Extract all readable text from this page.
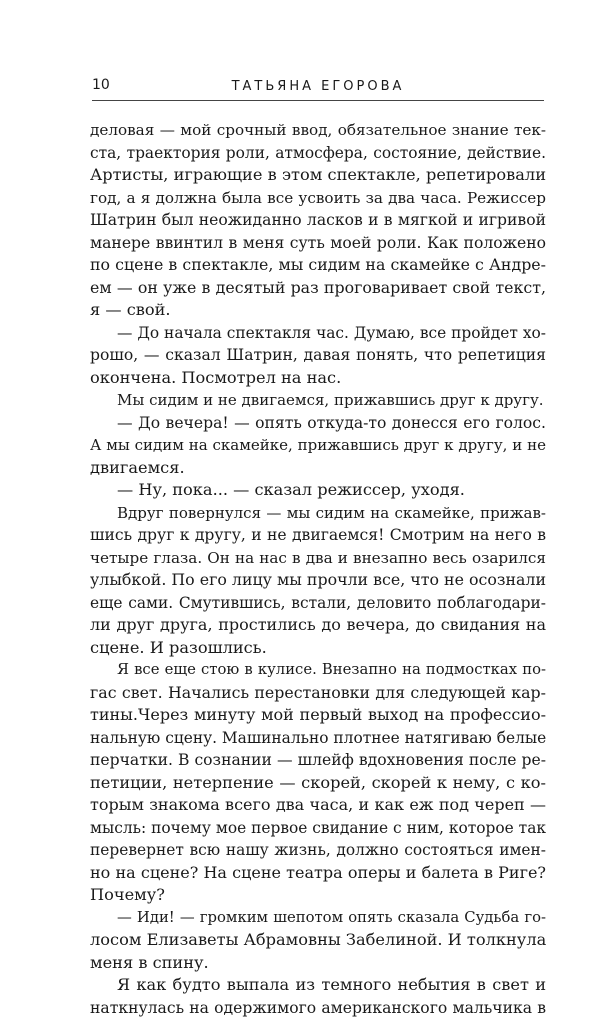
10	ТАТЬЯНА ЕГОРОВА
деловая — мой срочный ввод, обязательное знание тек-
ста, траектория роли, атмосфера, состояние, действие.
Артисты, играющие в этом спектакле, репетировали
год, а я должна была все усвоить за два часа. Режиссер
Шатрин был неожиданно ласков и в мягкой и игривой
манере ввинтил в меня суть моей роли. Как положено
по сцене в спектакле, мы сидим на скамейке с Андре-
ем — он уже в десятый раз проговаривает свой текст,
я — свой.
— До начала спектакля час. Думаю, все пройдет хо-
рошо, — сказал Шатрин, давая понять, что репетиция
окончена. Посмотрел на нас.
Мы сидим и не двигаемся, прижавшись друг к другу.
— До вечера! — опять откуда-то донесся его голос.
А мы сидим на скамейке, прижавшись друг к другу, и не
двигаемся.
— Ну, пока... — сказал режиссер, уходя.
Вдруг повернулся — мы сидим на скамейке, прижав-
шись друг к другу, и не двигаемся! Смотрим на него в
четыре глаза. Он на нас в два и внезапно весь озарился
улыбкой. По его лицу мы прочли все, что не осознали
еще сами. Смутившись, встали, деловито поблагодари-
ли друг друга, простились до вечера, до свидания на
сцене. И разошлись.
Я все еще стою в кулисе. Внезапно на подмостках по-
гас свет. Начались перестановки для следующей кар-
тины.Через минуту мой первый выход на профессио-
нальную сцену. Машинально плотнее натягиваю белые
перчатки. В сознании — шлейф вдохновения после ре-
петиции, нетерпение — скорей, скорей к нему, с ко-
торым знакома всего два часа, и как еж под череп —
мысль: почему мое первое свидание с ним, которое так
перевернет всю нашу жизнь, должно состояться имен-
но на сцене? На сцене театра оперы и балета в Риге?
Почему?
— Иди! — громким шепотом опять сказала Судьба го-
лосом Елизаветы Абрамовны Забелиной. И толкнула
меня в спину.
Я как будто выпала из темного небытия в свет и
наткнулась на одержимого американского мальчика в
